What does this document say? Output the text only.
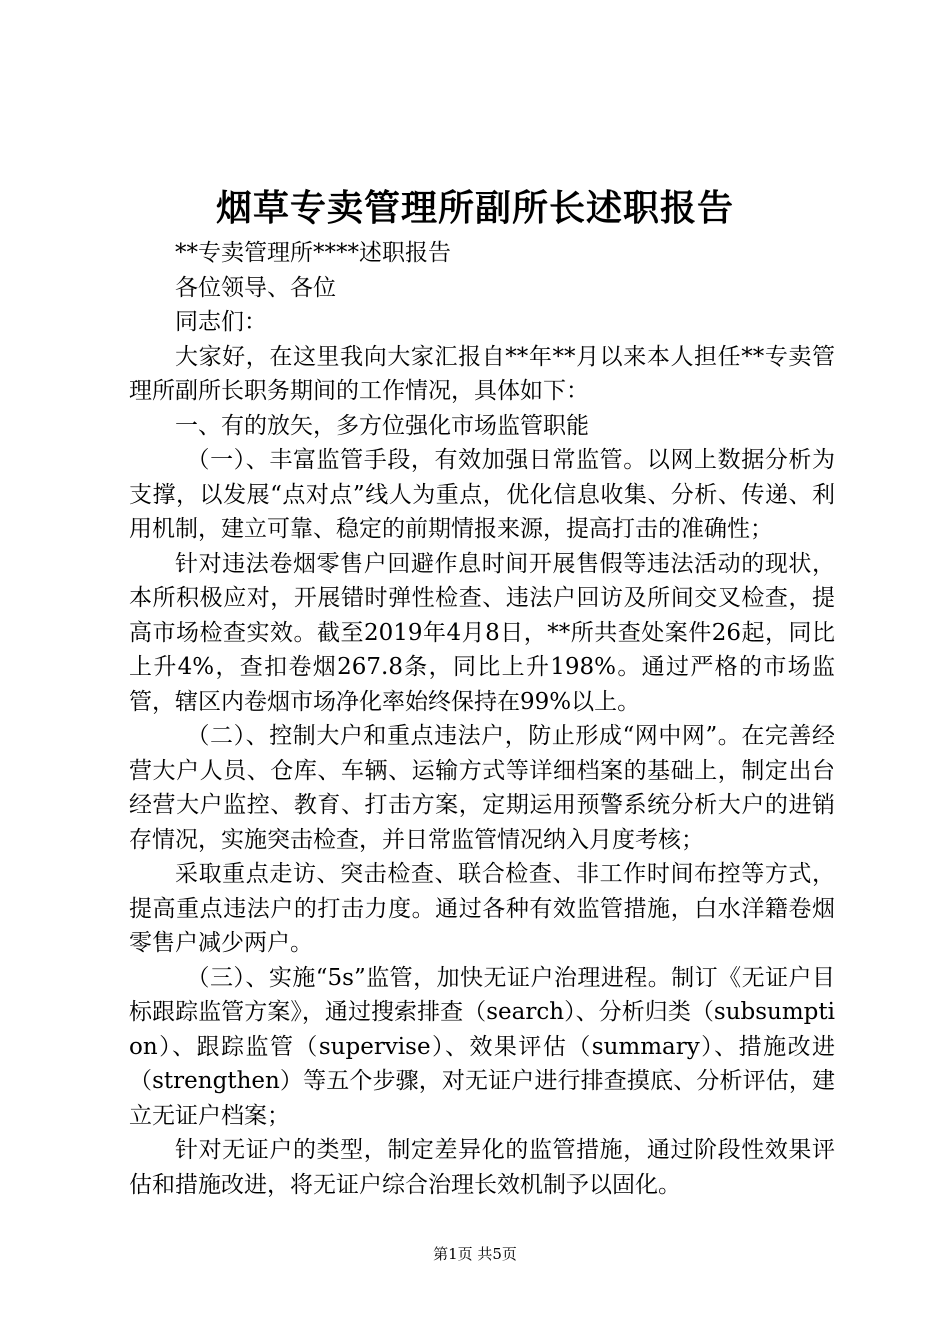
烟草专卖管理所副所长述职报告

**专卖管理所****述职报告

各位领导、各位

同志们：

大家好，在这里我向大家汇报自**年**月以来本人担任**专卖管理所副所长职务期间的工作情况，具体如下：

一、有的放矢，多方位强化市场监管职能

（一）、丰富监管手段，有效加强日常监管。以网上数据分析为支撑，以发展“点对点”线人为重点，优化信息收集、分析、传递、利用机制，建立可靠、稳定的前期情报来源，提高打击的准确性；

针对违法卷烟零售户回避作息时间开展售假等违法活动的现状，本所积极应对，开展错时弹性检查、违法户回访及所间交叉检查，提高市场检查实效。截至2019年4月8日，**所共查处案件26起，同比上升4%，查扣卷烟267.8条，同比上升198%。通过严格的市场监管，辖区内卷烟市场净化率始终保持在99%以上。

（二）、控制大户和重点违法户，防止形成“网中网”。在完善经营大户人员、仓库、车辆、运输方式等详细档案的基础上，制定出台经营大户监控、教育、打击方案，定期运用预警系统分析大户的进销存情况，实施突击检查，并日常监管情况纳入月度考核；

采取重点走访、突击检查、联合检查、非工作时间布控等方式，提高重点违法户的打击力度。通过各种有效监管措施，白水洋籍卷烟零售户减少两户。

（三）、实施“5s”监管，加快无证户治理进程。制订《无证户目标跟踪监管方案》，通过搜索排查（search）、分析归类（subsumption）、跟踪监管（supervise）、效果评估（summary）、措施改进（strengthen）等五个步骤，对无证户进行排查摸底、分析评估，建立无证户档案；

针对无证户的类型，制定差异化的监管措施，通过阶段性效果评估和措施改进，将无证户综合治理长效机制予以固化。

第1页 共5页
